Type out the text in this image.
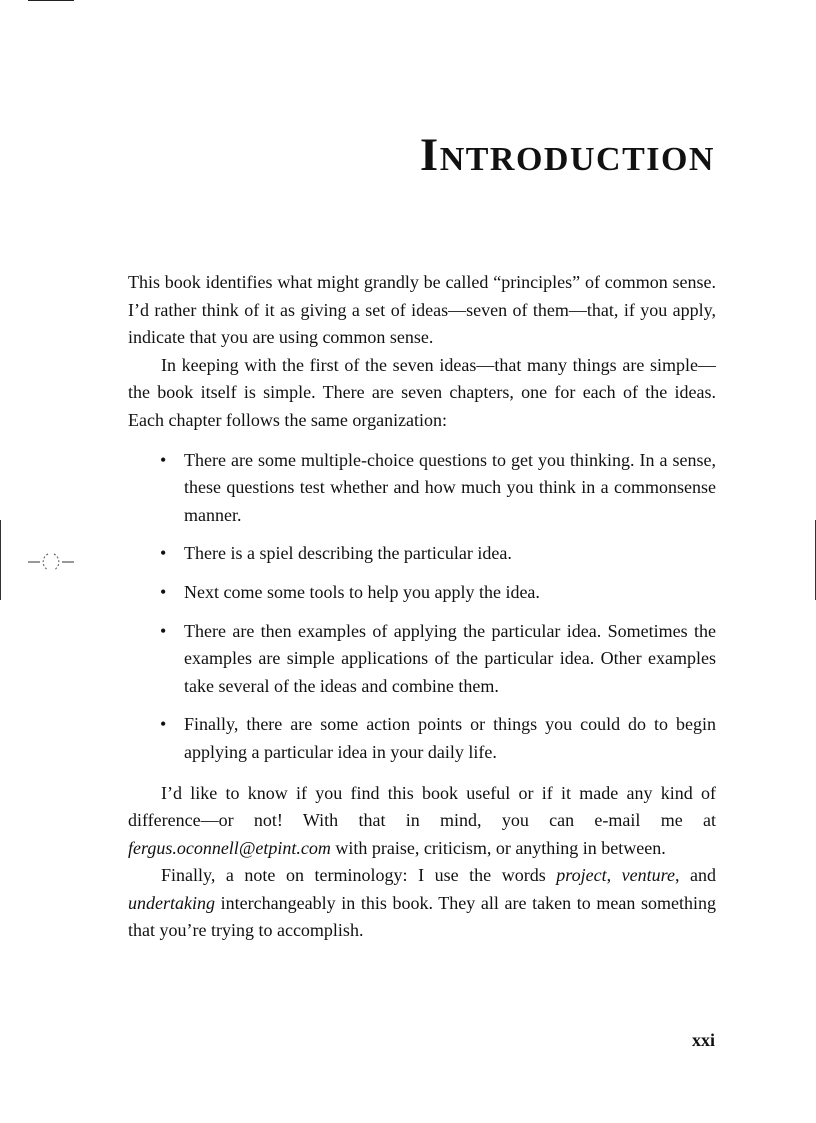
INTRODUCTION

This book identifies what might grandly be called “principles” of common sense. I’d rather think of it as giving a set of ideas—seven of them—that, if you apply, indicate that you are using common sense.

In keeping with the first of the seven ideas—that many things are simple—the book itself is simple. There are seven chapters, one for each of the ideas. Each chapter follows the same organization:

• There are some multiple-choice questions to get you thinking. In a sense, these questions test whether and how much you think in a commonsense manner.
• There is a spiel describing the particular idea.
• Next come some tools to help you apply the idea.
• There are then examples of applying the particular idea. Sometimes the examples are simple applications of the particular idea. Other examples take several of the ideas and combine them.
• Finally, there are some action points or things you could do to begin applying a particular idea in your daily life.

I’d like to know if you find this book useful or if it made any kind of difference—or not! With that in mind, you can e-mail me at fergus.oconnell@etpint.com with praise, criticism, or anything in between.

Finally, a note on terminology: I use the words project, venture, and undertaking interchangeably in this book. They all are taken to mean something that you’re trying to accomplish.

xxi
